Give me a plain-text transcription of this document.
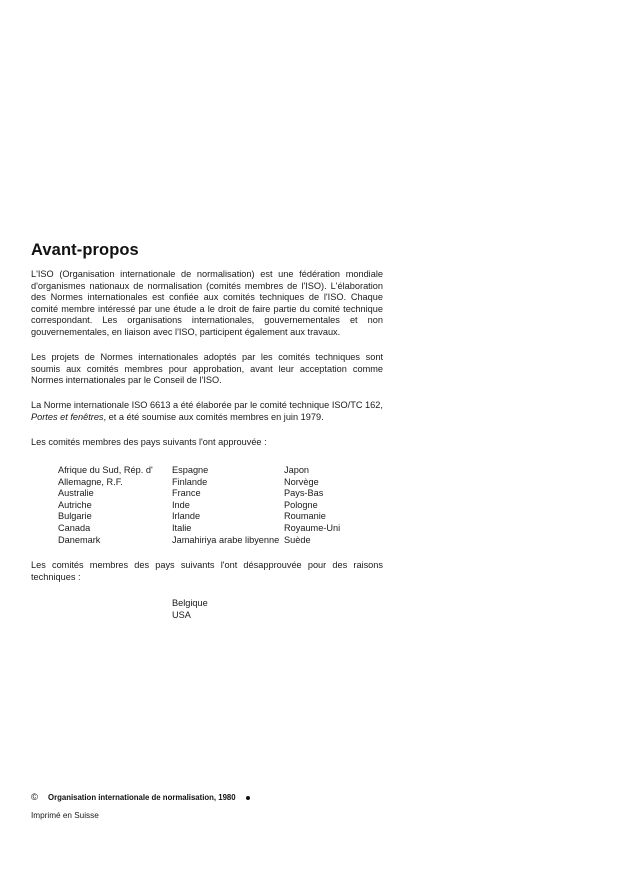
Avant-propos

L'ISO (Organisation internationale de normalisation) est une fédération mondiale d'organismes nationaux de normalisation (comités membres de l'ISO). L'élaboration des Normes internationales est confiée aux comités techniques de l'ISO. Chaque comité membre intéressé par une étude a le droit de faire partie du comité technique correspondant. Les organisations internationales, gouvernementales et non gouvernementales, en liaison avec l'ISO, participent également aux travaux.

Les projets de Normes internationales adoptés par les comités techniques sont soumis aux comités membres pour approbation, avant leur acceptation comme Normes internationales par le Conseil de l'ISO.

La Norme internationale ISO 6613 a été élaborée par le comité technique ISO/TC 162,
Portes et fenêtres, et a été soumise aux comités membres en juin 1979.

Les comités membres des pays suivants l'ont approuvée :

Afrique du Sud, Rép. d'
Allemagne, R.F.
Australie
Autriche
Bulgarie
Canada
Danemark
Espagne
Finlande
France
Inde
Irlande
Italie
Jamahiriya arabe libyenne
Japon
Norvège
Pays-Bas
Pologne
Roumanie
Royaume-Uni
Suède

Les comités membres des pays suivants l'ont désapprouvée pour des raisons techniques :

Belgique
USA
© Organisation internationale de normalisation, 1980
Imprimé en Suisse
